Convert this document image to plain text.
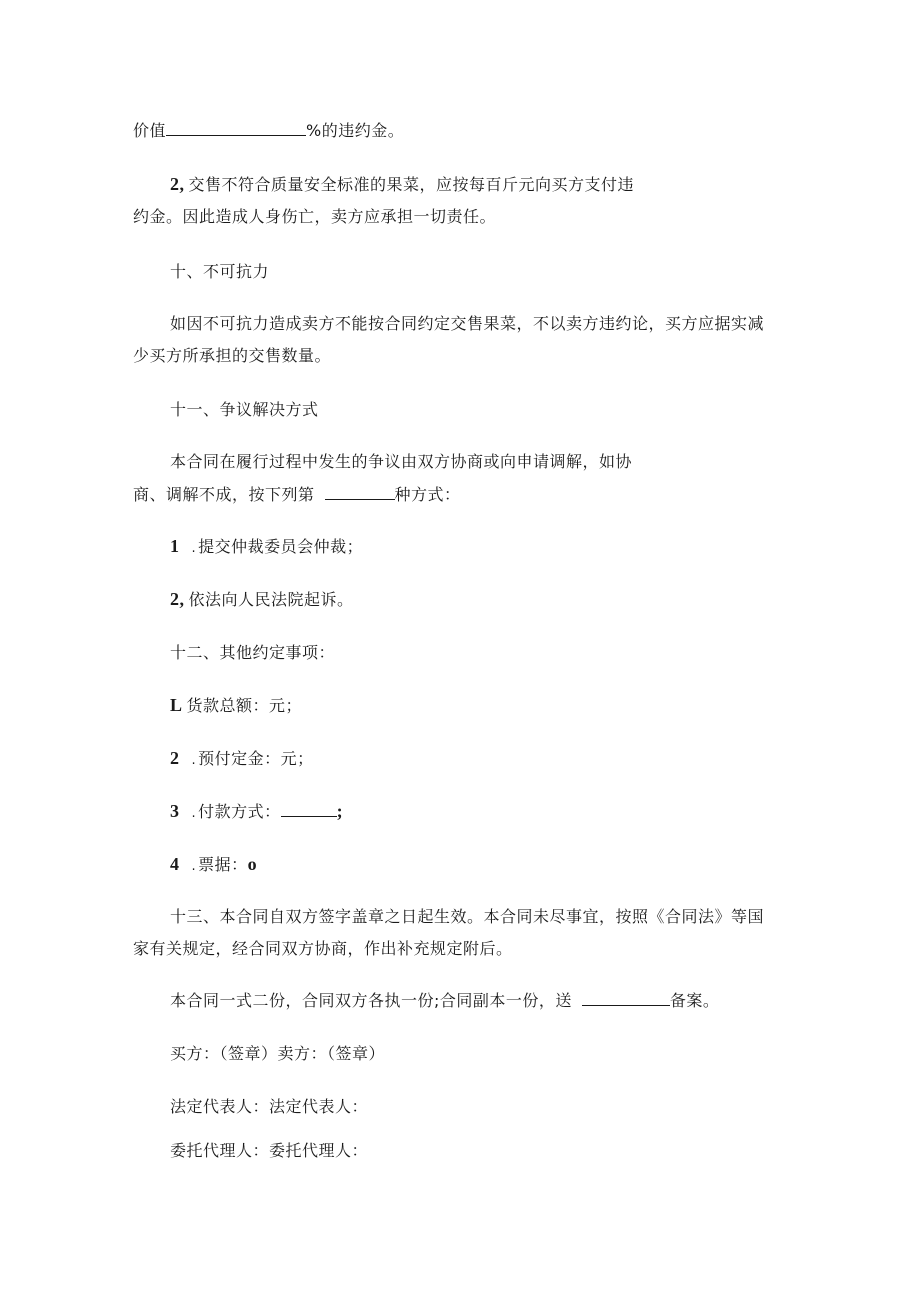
价值	%的违约金。
2, 交售不符合质量安全标准的果菜，应按每百斤元向买方支付违
约金。因此造成人身伤亡，卖方应承担一切责任。
十、不可抗力
如因不可抗力造成卖方不能按合同约定交售果菜，不以卖方违约论，买方应据实减
少买方所承担的交售数量。
十一、争议解决方式
本合同在履行过程中发生的争议由双方协商或向申请调解，如协
商、调解不成，按下列第	种方式：
1 . 提交仲裁委员会仲裁；
2, 依法向人民法院起诉。
十二、其他约定事项：
L 货款总额：元；
2 . 预付定金：元；
3 . 付款方式：	;
4 . 票据：o
十三、本合同自双方签字盖章之日起生效。本合同未尽事宜，按照《合同法》等国
家有关规定，经合同双方协商，作出补充规定附后。
本合同一式二份，合同双方各执一份;合同副本一份，送	备案。
买方：（签章）卖方：（签章）
法定代表人：法定代表人：
委托代理人：委托代理人：
